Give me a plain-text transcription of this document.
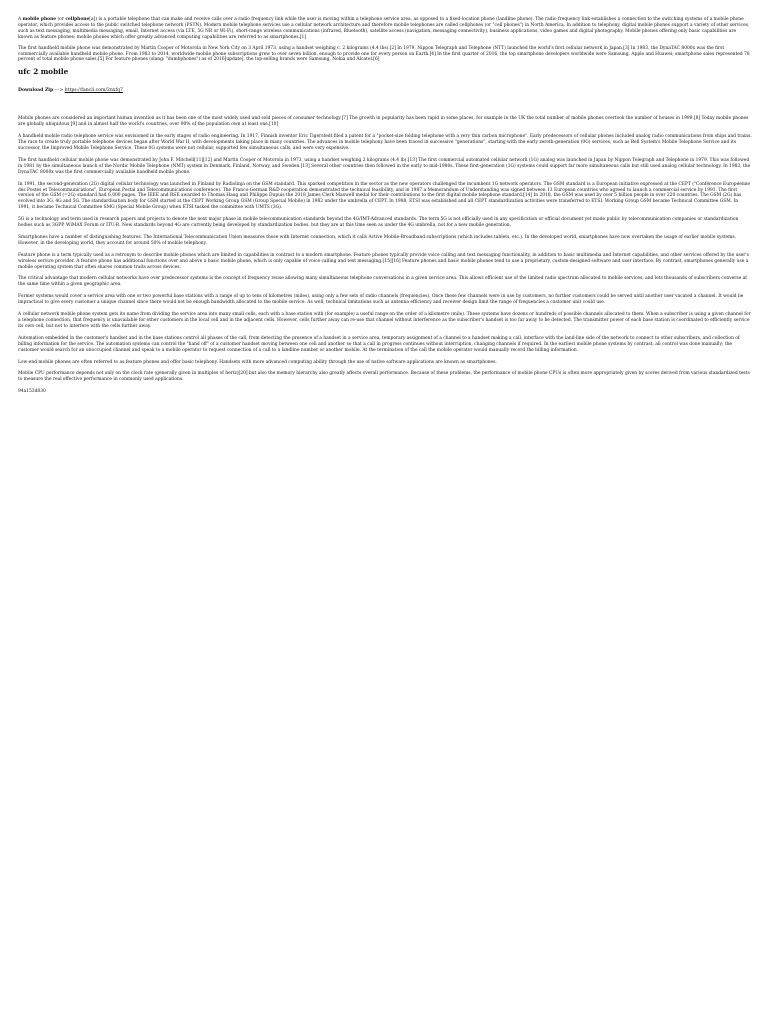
A mobile phone (or cellphone[a]) is a portable telephone that can make and receive calls over a radio frequency link while the user is moving within a telephone service area, as opposed to a fixed-location phone (landline phone). The radio frequency link establishes a connection to the switching systems of a mobile phone operator, which provides access to the public switched telephone network (PSTN). Modern mobile telephone services use a cellular network architecture and therefore mobile telephones are called cellphones (or "cell phones") in North America. In addition to telephony, digital mobile phones support a variety of other services, such as text messaging, multimedia messaging, email, Internet access (via LTE, 5G NR or Wi-Fi), short-range wireless communications (infrared, Bluetooth), satellite access (navigation, messaging connectivity), business applications, video games and digital photography. Mobile phones offering only basic capabilities are known as feature phones; mobile phones which offer greatly advanced computing capabilities are referred to as smartphones.[1]

The first handheld mobile phone was demonstrated by Martin Cooper of Motorola in New York City on 3 April 1973, using a handset weighing c. 2 kilograms (4.4 lbs).[2] In 1979, Nippon Telegraph and Telephone (NTT) launched the world's first cellular network in Japan.[3] In 1983, the DynaTAC 8000x was the first commercially available handheld mobile phone. From 1983 to 2014, worldwide mobile phone subscriptions grew to over seven billion, enough to provide one for every person on Earth.[4] In the first quarter of 2016, the top smartphone developers worldwide were Samsung, Apple and Huawei; smartphone sales represented 78 percent of total mobile phone sales.[5] For feature phones (slang: "dumbphones") as of 2016[update], the top-selling brands were Samsung, Nokia and Alcatel.[6]

ufc 2 mobile
Download Zip ---> https://fancli.com/2nxfq7

Mobile phones are considered an important human invention as it has been one of the most widely used and sold pieces of consumer technology.[7] The growth in popularity has been rapid in some places, for example in the UK the total number of mobile phones overtook the number of houses in 1999.[8] Today mobile phones are globally ubiquitous,[9] and in almost half the world's countries, over 90% of the population own at least one.[10]

A handheld mobile radio telephone service was envisioned in the early stages of radio engineering. In 1917, Finnish inventor Eric Tigerstedt filed a patent for a "pocket-size folding telephone with a very thin carbon microphone". Early predecessors of cellular phones included analog radio communications from ships and trains. The race to create truly portable telephone devices began after World War II, with developments taking place in many countries. The advances in mobile telephony have been traced in successive "generations", starting with the early zeroth-generation (0G) services, such as Bell System's Mobile Telephone Service and its successor, the Improved Mobile Telephone Service. These 0G systems were not cellular, supported few simultaneous calls, and were very expensive.

The first handheld cellular mobile phone was demonstrated by John F. Mitchell[11][12] and Martin Cooper of Motorola in 1973, using a handset weighing 2 kilograms (4.4 lb).[13] The first commercial automated cellular network (1G) analog was launched in Japan by Nippon Telegraph and Telephone in 1979. This was followed in 1981 by the simultaneous launch of the Nordic Mobile Telephone (NMT) system in Denmark, Finland, Norway, and Sweden.[13] Several other countries then followed in the early to mid-1980s. These first-generation (1G) systems could support far more simultaneous calls but still used analog cellular technology. In 1983, the DynaTAC 8000x was the first commercially available handheld mobile phone.

In 1991, the second-generation (2G) digital cellular technology was launched in Finland by Radiolinja on the GSM standard. This sparked competition in the sector as the new operators challenged the incumbent 1G network operators. The GSM standard is a European initiative expressed at the CEPT ("Conférence Européenne des Postes et Telecommunications", European Postal and Telecommunications conference). The Franco-German R&D cooperation demonstrated the technical feasibility, and in 1987 a Memorandum of Understanding was signed between 13 European countries who agreed to launch a commercial service by 1991. The first version of the GSM (=2G) standard had 6,000 pages. The IEEE and RSE awarded to Thomas Haug and Philippe Dupuis the 2018 James Clerk Maxwell medal for their contributions to the first digital mobile telephone standard.[14] In 2018, the GSM was used by over 5 billion people in over 220 countries. The GSM (2G) has evolved into 3G, 4G and 5G. The standardisation body for GSM started at the CEPT Working Group GSM (Group Special Mobile) in 1982 under the umbrella of CEPT. In 1988, ETSI was established and all CEPT standardization activities were transferred to ETSI. Working Group GSM became Technical Committee GSM. In 1991, it became Technical Committee SMG (Special Mobile Group) when ETSI tasked the committee with UMTS (3G).

5G is a technology and term used in research papers and projects to denote the next major phase in mobile telecommunication standards beyond the 4G/IMT-Advanced standards. The term 5G is not officially used in any specification or official document yet made public by telecommunication companies or standardization bodies such as 3GPP, WiMAX Forum or ITU-R. New standards beyond 4G are currently being developed by standardization bodies, but they are at this time seen as under the 4G umbrella, not for a new mobile generation.

Smartphones have a number of distinguishing features. The International Telecommunication Union measures those with Internet connection, which it calls Active Mobile-Broadband subscriptions (which includes tablets, etc.). In the developed world, smartphones have now overtaken the usage of earlier mobile systems. However, in the developing world, they account for around 50% of mobile telephony.

Feature phone is a term typically used as a retronym to describe mobile phones which are limited in capabilities in contrast to a modern smartphone. Feature phones typically provide voice calling and text messaging functionality, in addition to basic multimedia and Internet capabilities, and other services offered by the user's wireless service provider. A feature phone has additional functions over and above a basic mobile phone, which is only capable of voice calling and text messaging.[15][16] Feature phones and basic mobile phones tend to use a proprietary, custom-designed software and user interface. By contrast, smartphones generally use a mobile operating system that often shares common traits across devices.

The critical advantage that modern cellular networks have over predecessor systems is the concept of frequency reuse allowing many simultaneous telephone conversations in a given service area. This allows efficient use of the limited radio spectrum allocated to mobile services, and lets thousands of subscribers converse at the same time within a given geographic area.

Former systems would cover a service area with one or two powerful base stations with a range of up to tens of kilometres (miles), using only a few sets of radio channels (frequencies). Once these few channels were in use by customers, no further customers could be served until another user vacated a channel. It would be impractical to give every customer a unique channel since there would not be enough bandwidth allocated to the mobile service. As well, technical limitations such as antenna efficiency and receiver design limit the range of frequencies a customer unit could use.

A cellular network mobile phone system gets its name from dividing the service area into many small cells, each with a base station with (for example) a useful range on the order of a kilometre (mile). These systems have dozens or hundreds of possible channels allocated to them. When a subscriber is using a given channel for a telephone connection, that frequency is unavailable for other customers in the local cell and in the adjacent cells. However, cells further away can re-use that channel without interference as the subscriber's handset is too far away to be detected. The transmitter power of each base station is coordinated to efficiently service its own cell, but not to interfere with the cells further away.

Automation embedded in the customer's handset and in the base stations control all phases of the call, from detecting the presence of a handset in a service area, temporary assignment of a channel to a handset making a call, interface with the land-line side of the network to connect to other subscribers, and collection of billing information for the service. The automation systems can control the "hand off" of a customer handset moving between one cell and another so that a call in progress continues without interruption, changing channels if required. In the earliest mobile phone systems by contrast, all control was done manually; the customer would search for an unoccupied channel and speak to a mobile operator to request connection of a call to a landline number or another mobile. At the termination of the call the mobile operator would manually record the billing information.

Low-end mobile phones are often referred to as feature phones and offer basic telephony. Handsets with more advanced computing ability through the use of native software applications are known as smartphones.

Mobile CPU performance depends not only on the clock rate (generally given in multiples of hertz)[20] but also the memory hierarchy also greatly affects overall performance. Because of these problems, the performance of mobile phone CPUs is often more appropriately given by scores derived from various standardized tests to measure the real effective performance in commonly used applications.

94a153d830
